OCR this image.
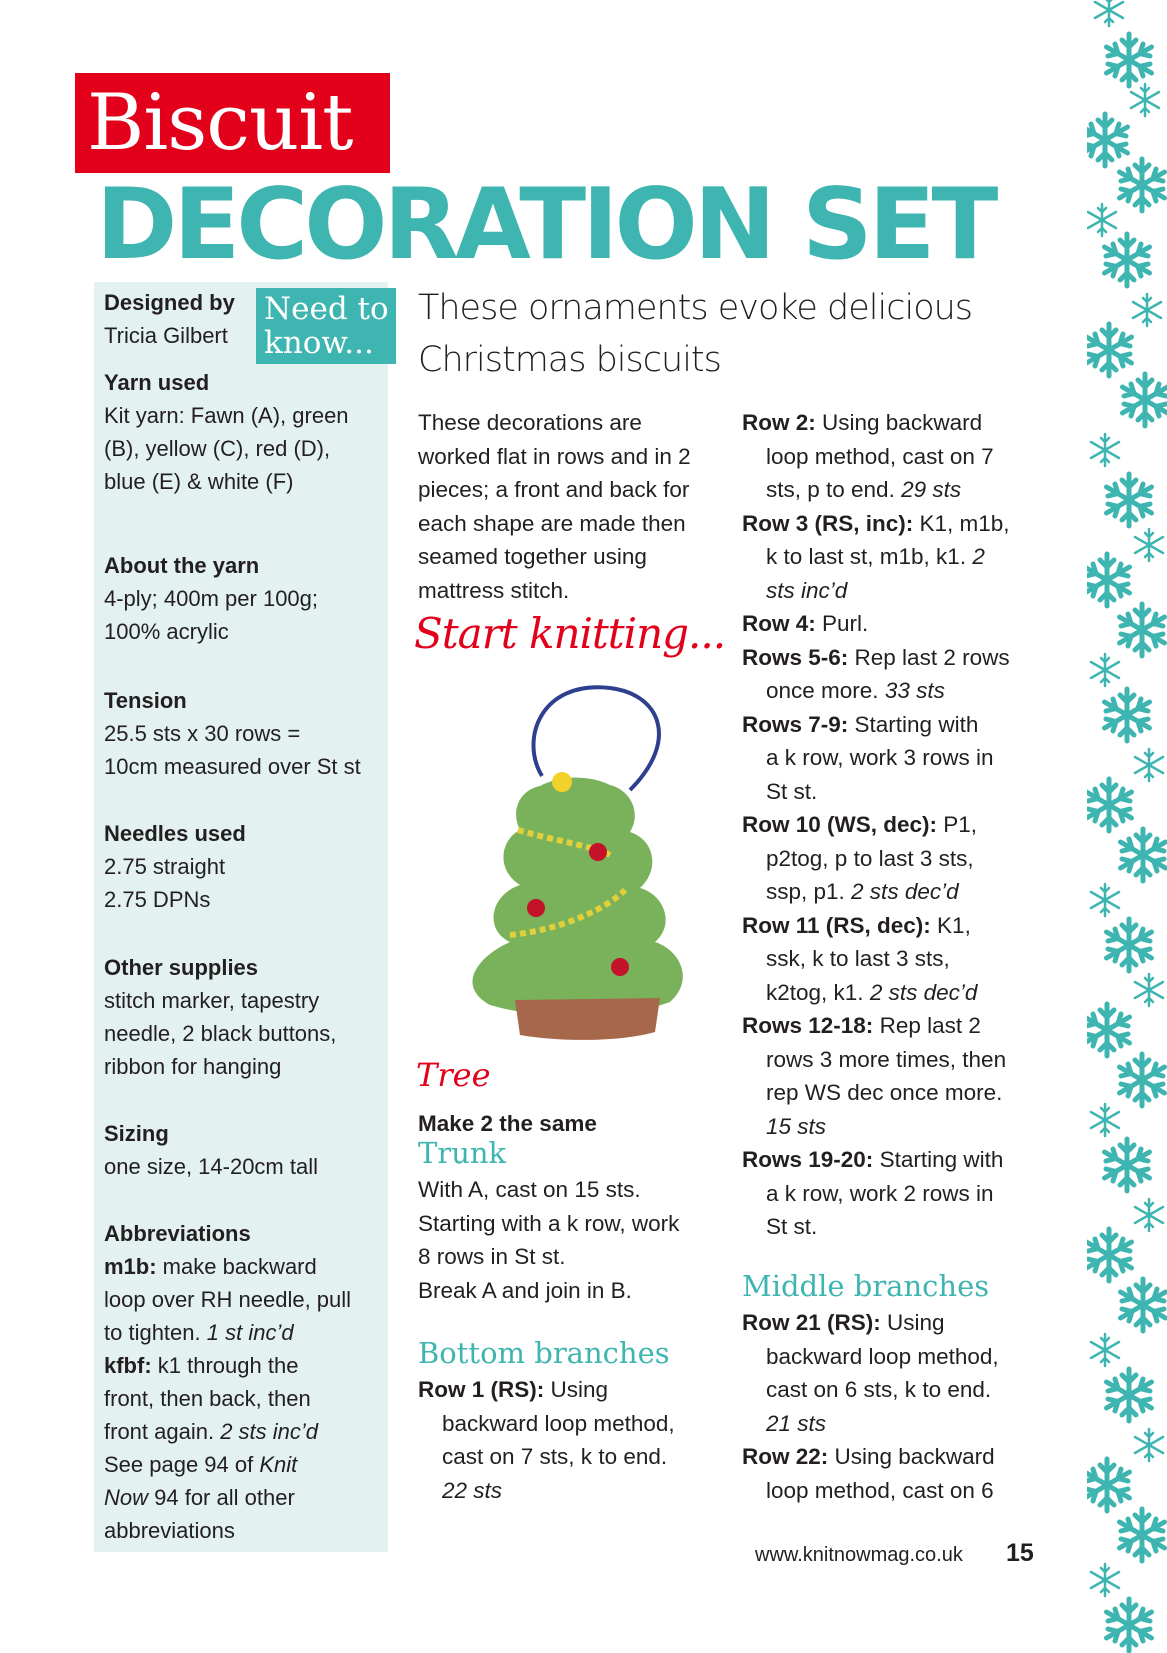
Biscuit
DECORATION SET
Designed by
Tricia Gilbert
Need to
know...
Yarn used
Kit yarn: Fawn (A), green
(B), yellow (C), red (D),
blue (E) & white (F)
About the yarn
4-ply; 400m per 100g;
100% acrylic
Tension
25.5 sts x 30 rows =
10cm measured over St st
Needles used
2.75 straight
2.75 DPNs
Other supplies
stitch marker, tapestry
needle, 2 black buttons,
ribbon for hanging
Sizing
one size, 14-20cm tall
Abbreviations
m1b: make backward
loop over RH needle, pull
to tighten. 1 st inc’d
kfbf: k1 through the
front, then back, then
front again. 2 sts inc’d
See page 94 of Knit
Now 94 for all other
abbreviations
These ornaments evoke delicious
Christmas biscuits
These decorations are
worked flat in rows and in 2
pieces; a front and back for
each shape are made then
seamed together using
mattress stitch.
Start knitting...
Tree
Make 2 the same
Trunk
With A, cast on 15 sts.
Starting with a k row, work
8 rows in St st.
Break A and join in B.
Bottom branches
Row 1 (RS): Using
backward loop method,
cast on 7 sts, k to end.
22 sts
Row 2: Using backward
loop method, cast on 7
sts, p to end. 29 sts
Row 3 (RS, inc): K1, m1b,
k to last st, m1b, k1. 2
sts inc’d
Row 4: Purl.
Rows 5-6: Rep last 2 rows
once more. 33 sts
Rows 7-9: Starting with
a k row, work 3 rows in
St st.
Row 10 (WS, dec): P1,
p2tog, p to last 3 sts,
ssp, p1. 2 sts dec’d
Row 11 (RS, dec): K1,
ssk, k to last 3 sts,
k2tog, k1. 2 sts dec’d
Rows 12-18: Rep last 2
rows 3 more times, then
rep WS dec once more.
15 sts
Rows 19-20: Starting with
a k row, work 2 rows in
St st.
Middle branches
Row 21 (RS): Using
backward loop method,
cast on 6 sts, k to end.
21 sts
Row 22: Using backward
loop method, cast on 6
www.knitnowmag.co.uk 15
